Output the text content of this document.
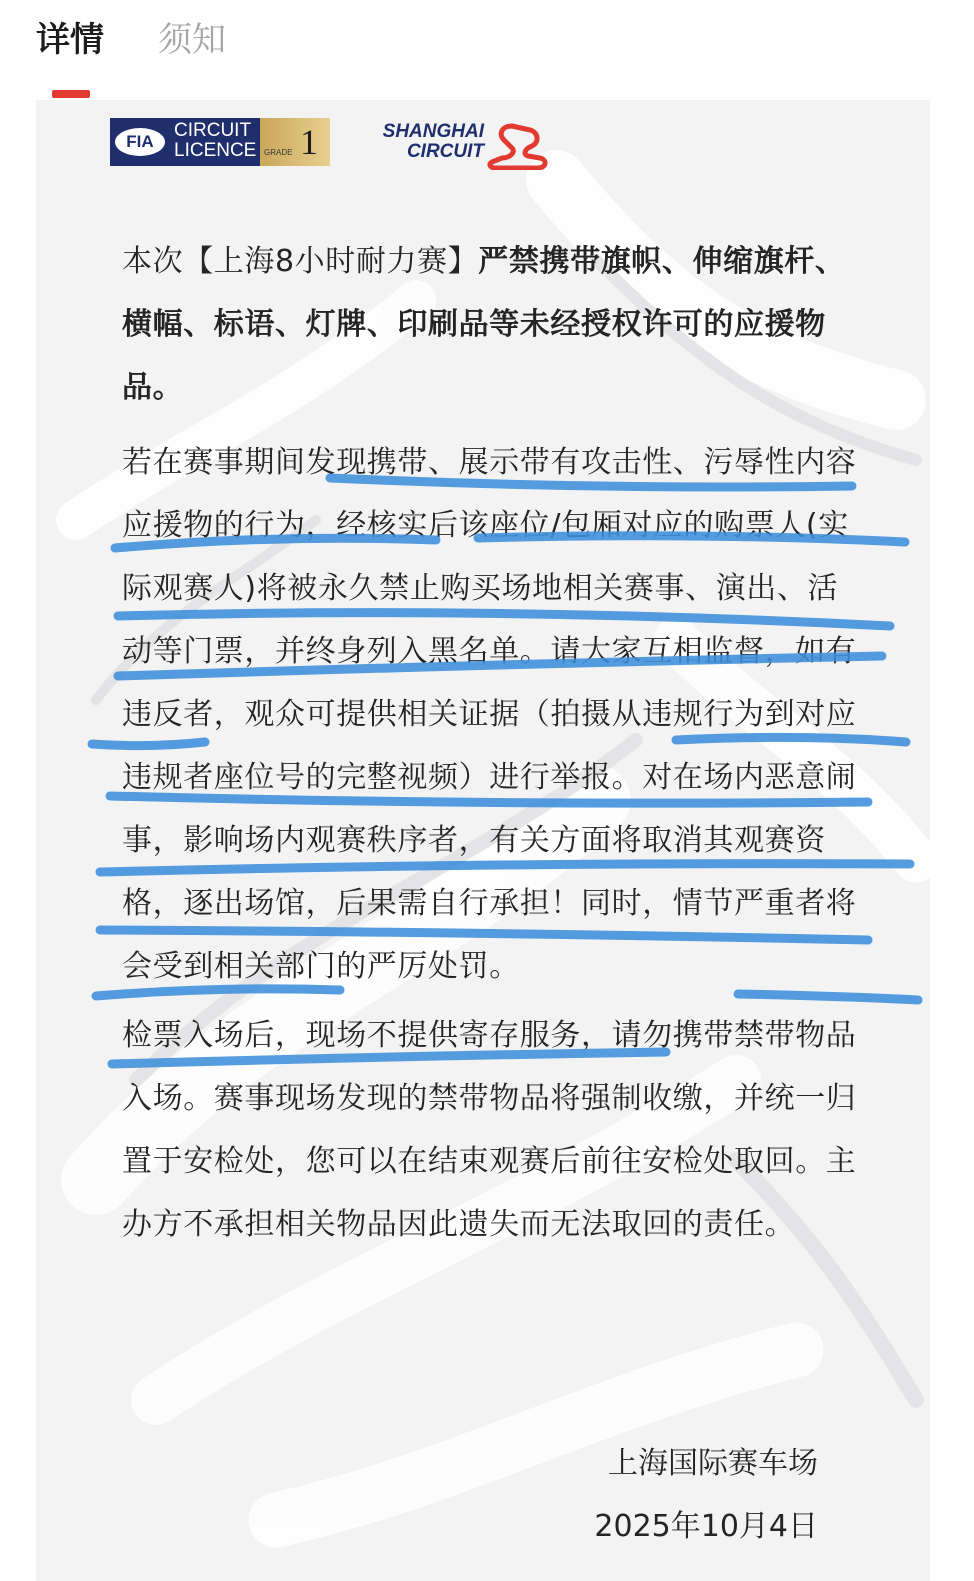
详情 须知
FIA
CIRCUIT
LICENCE GRADE 1	SHANGHAI
CIRCUIT

本次【上海8小时耐力赛】严禁携带旗帜、伸缩旗杆、横幅、标语、灯牌、印刷品等未经授权许可的应援物品。

若在赛事期间发现携带、展示带有攻击性、污辱性内容应援物的行为，经核实后该座位/包厢对应的购票人(实际观赛人)将被永久禁止购买场地相关赛事、演出、活动等门票，并终身列入黑名单。请大家互相监督，如有违反者，观众可提供相关证据（拍摄从违规行为到对应违规者座位号的完整视频）进行举报。对在场内恶意闹事，影响场内观赛秩序者，有关方面将取消其观赛资格，逐出场馆，后果需自行承担！同时，情节严重者将会受到相关部门的严厉处罚。

检票入场后，现场不提供寄存服务，请勿携带禁带物品入场。赛事现场发现的禁带物品将强制收缴，并统一归置于安检处，您可以在结束观赛后前往安检处取回。主办方不承担相关物品因此遗失而无法取回的责任。

上海国际赛车场
2025年10月4日
